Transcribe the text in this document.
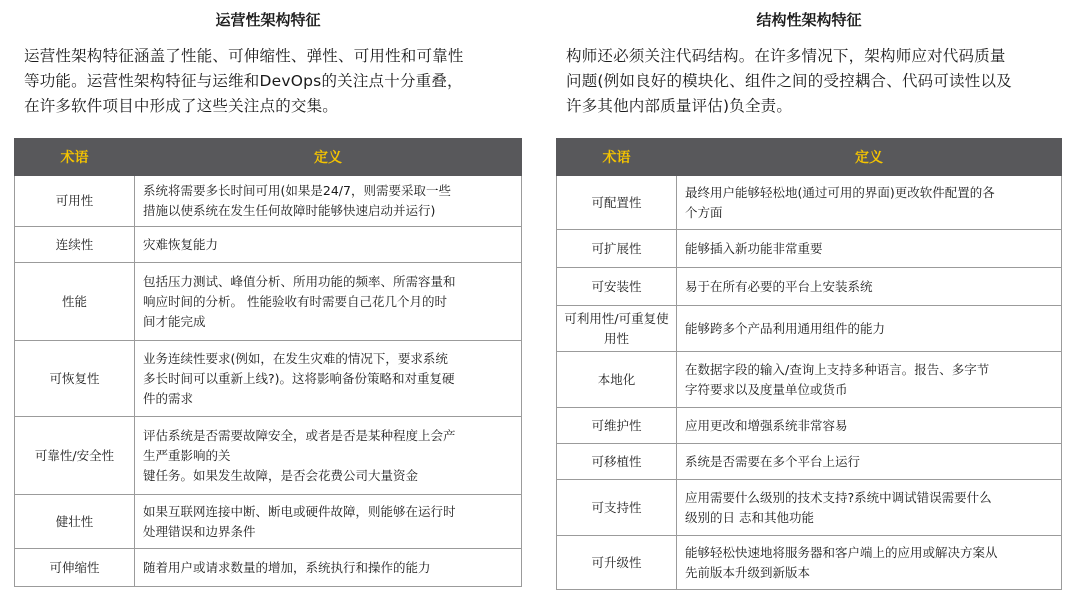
运营性架构特征
运营性架构特征涵盖了性能、可伸缩性、弹性、可用性和可靠性
等功能。运营性架构特征与运维和DevOps的关注点十分重叠，
在许多软件项目中形成了这些关注点的交集。
术语	定义
可用性	系统将需要多长时间可用(如果是24/7，则需要采取一些
措施以使系统在发生任何故障时能够快速启动并运行)

连续性	灾难恢复能力

性能	包括压力测试、峰值分析、所用功能的频率、所需容量和
响应时间的分析。 性能验收有时需要自己花几个月的时
间才能完成

可恢复性	业务连续性要求(例如，在发生灾难的情况下，要求系统
多长时间可以重新上线?)。这将影响备份策略和对重复硬
件的需求

可靠性/安全性	评估系统是否需要故障安全，或者是否是某种程度上会产
生严重影响的关
键任务。如果发生故障，是否会花费公司大量资金

健壮性	如果互联网连接中断、断电或硬件故障，则能够在运行时
处理错误和边界条件

可伸缩性	随着用户或请求数量的增加，系统执行和操作的能力
结构性架构特征
构师还必须关注代码结构。在许多情况下，架构师应对代码质量
问题(例如良好的模块化、组件之间的受控耦合、代码可读性以及
许多其他内部质量评估)负全责。
术语	定义
可配置性	最终用户能够轻松地(通过可用的界面)更改软件配置的各
个方面

可扩展性	能够插入新功能非常重要

可安装性	易于在所有必要的平台上安装系统

可利用性/可重复使用性	能够跨多个产品利用通用组件的能力

本地化	在数据字段的输入/查询上支持多种语言。报告、多字节
字符要求以及度量单位或货币

可维护性	应用更改和增强系统非常容易

可移植性	系统是否需要在多个平台上运行

可支持性	应用需要什么级别的技术支持?系统中调试错误需要什么
级别的日 志和其他功能

可升级性	能够轻松快速地将服务器和客户端上的应用或解决方案从
先前版本升级到新版本
